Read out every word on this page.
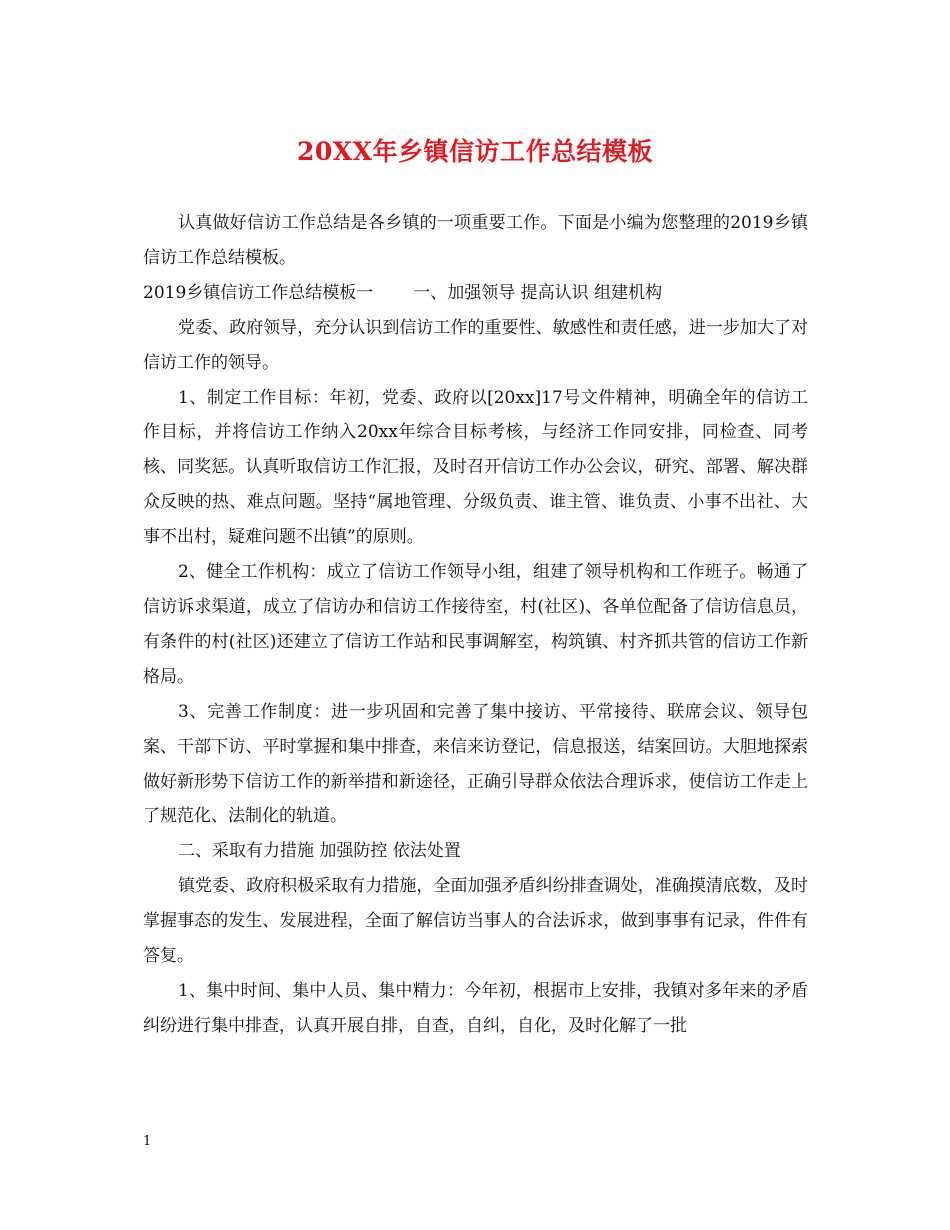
20XX年乡镇信访工作总结模板

认真做好信访工作总结是各乡镇的一项重要工作。下面是小编为您整理的2019乡镇信访工作总结模板。

2019乡镇信访工作总结模板一 一、加强领导 提高认识 组建机构

党委、政府领导，充分认识到信访工作的重要性、敏感性和责任感，进一步加大了对信访工作的领导。

1、制定工作目标：年初，党委、政府以[20xx]17号文件精神，明确全年的信访工作目标，并将信访工作纳入20xx年综合目标考核，与经济工作同安排，同检查、同考核、同奖惩。认真听取信访工作汇报，及时召开信访工作办公会议，研究、部署、解决群众反映的热、难点问题。坚持“属地管理、分级负责、谁主管、谁负责、小事不出社、大事不出村，疑难问题不出镇”的原则。

2、健全工作机构：成立了信访工作领导小组，组建了领导机构和工作班子。畅通了信访诉求渠道，成立了信访办和信访工作接待室，村(社区)、各单位配备了信访信息员，有条件的村(社区)还建立了信访工作站和民事调解室，构筑镇、村齐抓共管的信访工作新格局。

3、完善工作制度：进一步巩固和完善了集中接访、平常接待、联席会议、领导包案、干部下访、平时掌握和集中排查，来信来访登记，信息报送，结案回访。大胆地探索做好新形势下信访工作的新举措和新途径，正确引导群众依法合理诉求，使信访工作走上了规范化、法制化的轨道。

二、采取有力措施 加强防控 依法处置

镇党委、政府积极采取有力措施，全面加强矛盾纠纷排查调处，准确摸清底数，及时掌握事态的发生、发展进程，全面了解信访当事人的合法诉求，做到事事有记录，件件有答复。

1、集中时间、集中人员、集中精力：今年初，根据市上安排，我镇对多年来的矛盾纠纷进行集中排查，认真开展自排，自查，自纠，自化，及时化解了一批

1
